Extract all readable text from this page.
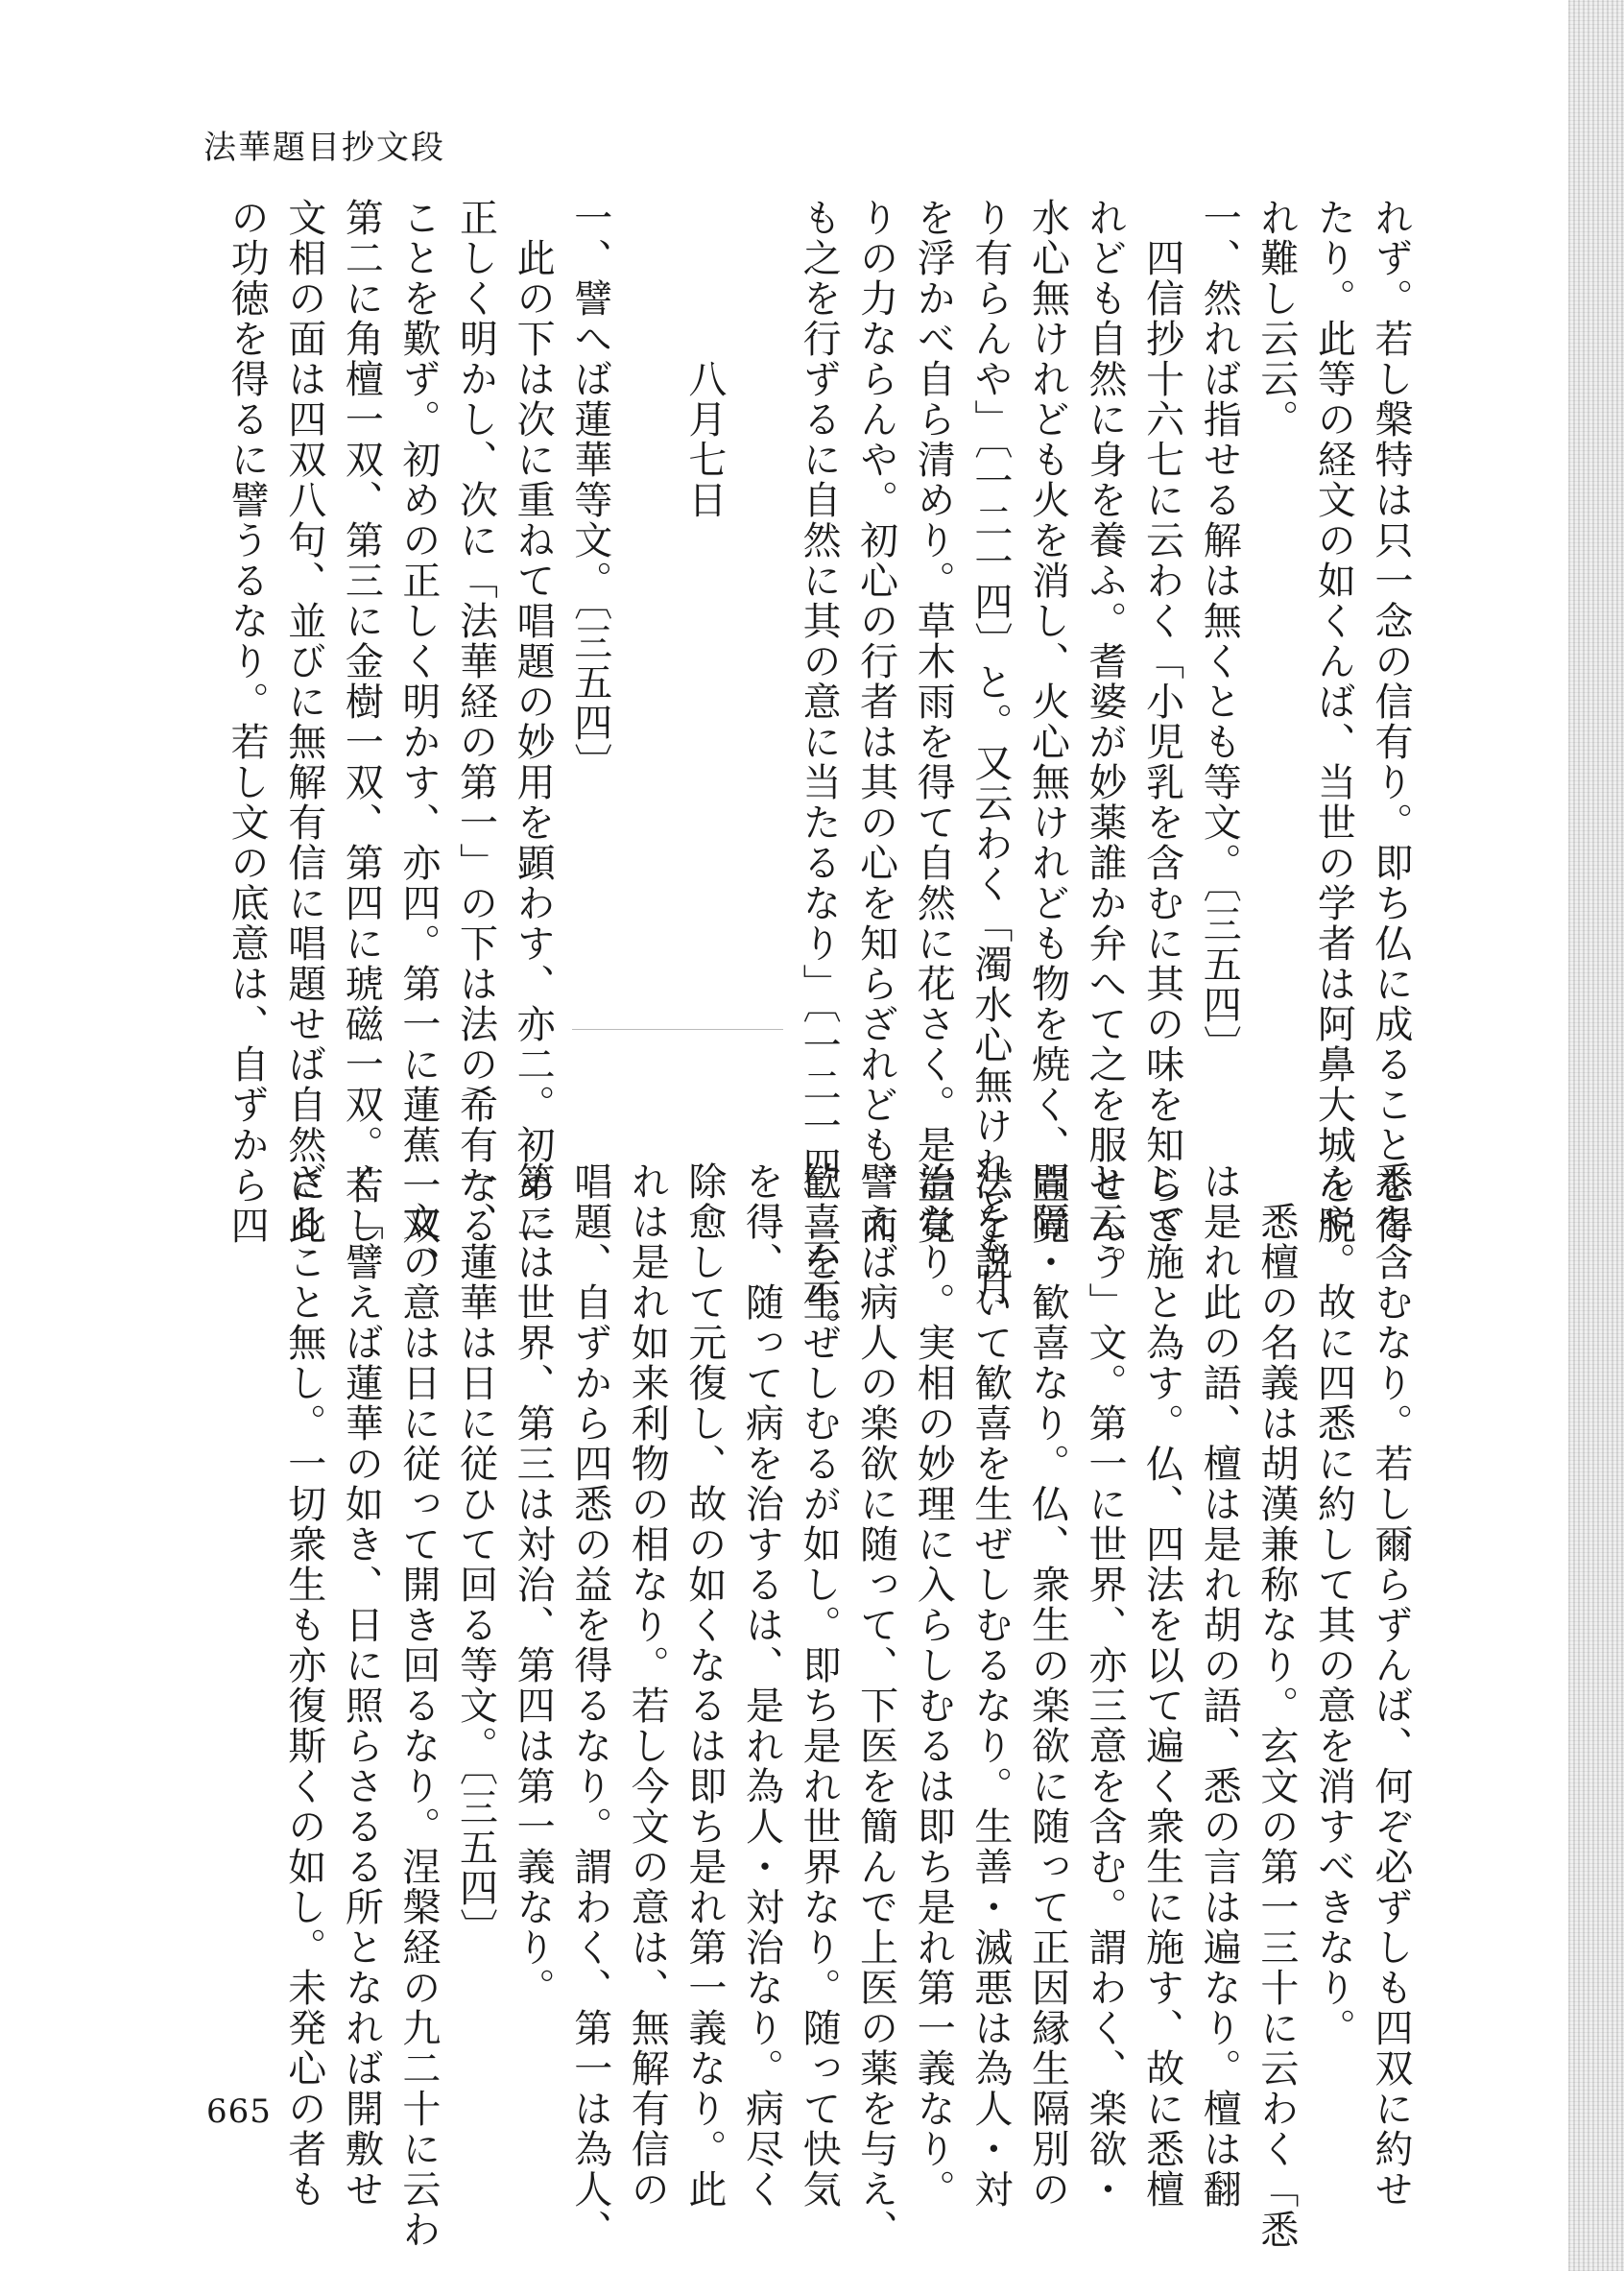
法華題目抄文段
れず。若し槃特は只一念の信有り。即ち仏に成ることを得
たり。此等の経文の如くんば、当世の学者は阿鼻大城を脱
れ難し云云。
一、然れば指せる解は無くとも等文。〔三五四〕
　四信抄十六七に云わく「小児乳を含むに其の味を知らざ
れども自然に身を養ふ。耆婆が妙薬誰か弁へて之を服せん。
水心無けれども火を消し、火心無けれども物を焼く、豈覚
り有らんや」〔一二一四〕と。又云わく「濁水心無けれども月
を浮かべ自ら清めり。草木雨を得て自然に花さく。是豈覚
りの力ならんや。初心の行者は其の心を知らざれども、而
も之を行ずるに自然に其の意に当たるなり」〔一二一四〕云云。
　　　　八月七日
一、譬へば蓮華等文。〔三五四〕
　此の下は次に重ねて唱題の妙用を顕わす、亦二。初めに
正しく明かし、次に「法華経の第一」の下は法の希有なる
ことを歎ず。初めの正しく明かす、亦四。第一に蓮蕉一双、
第二に角檀一双、第三に金樹一双、第四に琥磁一双。若し
文相の面は四双八句、並びに無解有信に唱題せば自然に此
の功徳を得るに譬うるなり。若し文の底意は、自ずから四
悉を含むなり。若し爾らずんば、何ぞ必ずしも四双に約せ
んや。故に四悉に約して其の意を消すべきなり。
　悉檀の名義は胡漢兼称なり。玄文の第一三十に云わく「悉
は是れ此の語、檀は是れ胡の語、悉の言は遍なり。檀は翻
じて施と為す。仏、四法を以て遍く衆生に施す、故に悉檀
と云う」文。第一に世界、亦三意を含む。謂わく、楽欲・
間隔・歓喜なり。仏、衆生の楽欲に随って正因縁生隔別の
法を説いて歓喜を生ぜしむるなり。生善・滅悪は為人・対
治なり。実相の妙理に入らしむるは即ち是れ第一義なり。
譬えば病人の楽欲に随って、下医を簡んで上医の薬を与え、
歓喜を生ぜしむるが如し。即ち是れ世界なり。随って快気
を得、随って病を治するは、是れ為人・対治なり。病尽く
除愈して元復し、故の如くなるは即ち是れ第一義なり。此
れは是れ如来利物の相なり。若し今文の意は、無解有信の
唱題、自ずから四悉の益を得るなり。謂わく、第一は為人、
第二は世界、第三は対治、第四は第一義なり。
一、蓮華は日に従ひて回る等文。〔三五四〕
　文の意は日に従って開き回るなり。涅槃経の九二十に云わ
く「譬えば蓮華の如き、日に照らさるる所となれば開敷せ
ざること無し。一切衆生も亦復斯くの如し。未発心の者も
665
